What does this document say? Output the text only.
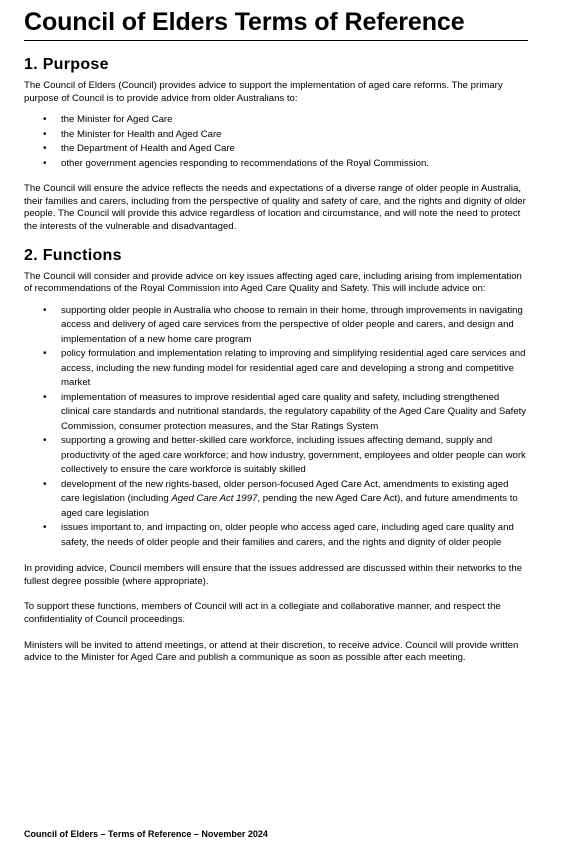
Council of Elders Terms of Reference
1. Purpose

The Council of Elders (Council) provides advice to support the implementation of aged care reforms. The primary purpose of Council is to provide advice from older Australians to:

• the Minister for Aged Care
• the Minister for Health and Aged Care
• the Department of Health and Aged Care
• other government agencies responding to recommendations of the Royal Commission.

The Council will ensure the advice reflects the needs and expectations of a diverse range of older people in Australia, their families and carers, including from the perspective of quality and safety of care, and the rights and dignity of older people. The Council will provide this advice regardless of location and circumstance, and will note the need to protect the interests of the vulnerable and disadvantaged.

2. Functions

The Council will consider and provide advice on key issues affecting aged care, including arising from implementation of recommendations of the Royal Commission into Aged Care Quality and Safety. This will include advice on:

• supporting older people in Australia who choose to remain in their home, through improvements in navigating access and delivery of aged care services from the perspective of older people and carers, and design and implementation of a new home care program
• policy formulation and implementation relating to improving and simplifying residential aged care services and access, including the new funding model for residential aged care and developing a strong and competitive market
• implementation of measures to improve residential aged care quality and safety, including strengthened clinical care standards and nutritional standards, the regulatory capability of the Aged Care Quality and Safety Commission, consumer protection measures, and the Star Ratings System
• supporting a growing and better-skilled care workforce, including issues affecting demand, supply and productivity of the aged care workforce; and how industry, government, employees and older people can work collectively to ensure the care workforce is suitably skilled
• development of the new rights-based, older person-focused Aged Care Act, amendments to existing aged care legislation (including Aged Care Act 1997, pending the new Aged Care Act), and future amendments to aged care legislation
• issues important to, and impacting on, older people who access aged care, including aged care quality and safety, the needs of older people and their families and carers, and the rights and dignity of older people

In providing advice, Council members will ensure that the issues addressed are discussed within their networks to the fullest degree possible (where appropriate).

To support these functions, members of Council will act in a collegiate and collaborative manner, and respect the confidentiality of Council proceedings.

Ministers will be invited to attend meetings, or attend at their discretion, to receive advice. Council will provide written advice to the Minister for Aged Care and publish a communique as soon as possible after each meeting.

Council of Elders – Terms of Reference – November 2024
